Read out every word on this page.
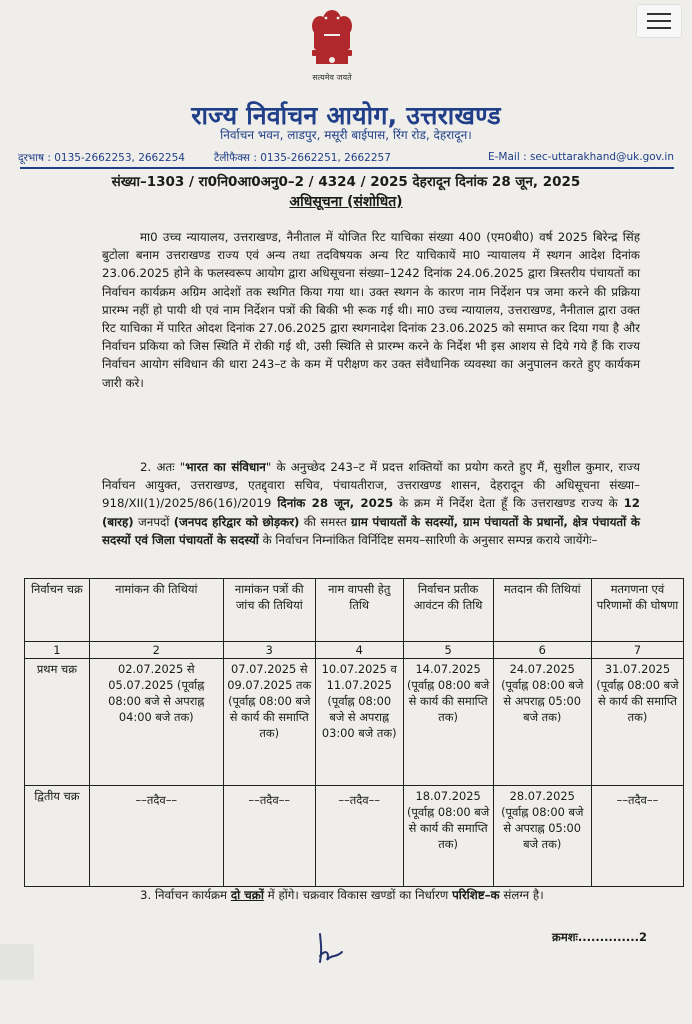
सत्यमेव जयते
राज्य निर्वाचन आयोग, उत्तराखण्ड
निर्वाचन भवन, लाडपुर, मसूरी बाईपास, रिंग रोड, देहरादून।
दूरभाष : 0135-2662253, 2662254	टैलीफैक्स : 0135-2662251, 2662257	E-Mail : sec-uttarakhand@uk.gov.in
संख्या–1303 / रा0नि0आ0अनु0–2 / 4324 / 2025 देहरादून दिनांक 28 जून, 2025
अधिसूचना (संशोधित)
मा0 उच्च न्यायालय, उत्तराखण्ड, नैनीताल में योजित रिट याचिका संख्या 400 (एम0बी0) वर्ष 2025 बिरेन्द्र सिंह बुटोला बनाम उत्तराखण्ड राज्य एवं अन्य तथा तदविषयक अन्य रिट याचिकायें मा0 न्यायालय में स्थगन आदेश दिनांक 23.06.2025 होने के फलस्वरूप आयोग द्वारा अधिसूचना संख्या–1242 दिनांक 24.06.2025 द्वारा त्रिस्तरीय पंचायतों का निर्वाचन कार्यक्रम अग्रिम आदेशों तक स्थगित किया गया था। उक्त स्थगन के कारण नाम निर्देशन पत्र जमा करने की प्रक्रिया प्रारम्भ नहीं हो पायी थी एवं नाम निर्देशन पत्रों की बिकी भी रूक गई थी। मा0 उच्च न्यायालय, उत्तराखण्ड, नैनीताल द्वारा उक्त रिट याचिका में पारित ओदश दिनांक 27.06.2025 द्वारा स्थगनादेश दिनांक 23.06.2025 को समाप्त कर दिया गया है और निर्वाचन प्रकिया को जिस स्थिति में रोकी गई थी, उसी स्थिति से प्रारम्भ करने के निर्देश भी इस आशय से दिये गये हैं कि राज्य निर्वाचन आयोग संविधान की धारा 243–ट के कम में परीक्षण कर उक्त संवैधानिक व्यवस्था का अनुपालन करते हुए कार्यकम जारी करे।
2. अतः "भारत का संविधान" के अनुच्छेद 243–ट में प्रदत्त शक्तियों का प्रयोग करते हुए मैं, सुशील कुमार, राज्य निर्वाचन आयुक्त, उत्तराखण्ड, एतद्द्वारा सचिव, पंचायतीराज, उत्तराखण्ड शासन, देहरादून की अधिसूचना संख्या–918/XII(1)/2025/86(16)/2019 दिनांक 28 जून, 2025 के क्रम में निर्देश देता हूँ कि उत्तराखण्ड राज्य के 12 (बारह) जनपदों (जनपद हरिद्वार को छोड़कर) की समस्त ग्राम पंचायतों के सदस्यों, ग्राम पंचायतों के प्रधानों, क्षेत्र पंचायतों के सदस्यों एवं जिला पंचायतों के सदस्यों के निर्वाचन निम्नांकित विर्निदिष्ट समय–सारिणी के अनुसार सम्पन्न कराये जायेंगेः–
निर्वाचन चक्र	नामांकन की तिथियां	नामांकन पत्रों की जांच की तिथियां	नाम वापसी हेतु तिथि	निर्वाचन प्रतीक आवंटन की तिथि	मतदान की तिथियां	मतगणना एवं परिणामों की घोषणा
1	2	3	4	5	6	7
प्रथम चक्र	02.07.2025 से 05.07.2025 (पूर्वाह्न 08:00 बजे से अपराह्न 04:00 बजे तक)	07.07.2025 से 09.07.2025 तक (पूर्वाह्न 08:00 बजे से कार्य की समाप्ति तक)	10.07.2025 व 11.07.2025 (पूर्वाह्न 08:00 बजे से अपराह्न 03:00 बजे तक)	14.07.2025 (पूर्वाह्न 08:00 बजे से कार्य की समाप्ति तक)	24.07.2025 (पूर्वाह्न 08:00 बजे से अपराह्न 05:00 बजे तक)	31.07.2025 (पूर्वाह्न 08:00 बजे से कार्य की समाप्ति तक)
द्वितीय चक्र	––तदैव––	––तदैव––	––तदैव––	18.07.2025 (पूर्वाह्न 08:00 बजे से कार्य की समाप्ति तक)	28.07.2025 (पूर्वाह्न 08:00 बजे से अपराह्न 05:00 बजे तक)	––तदैव––
3. निर्वाचन कार्यक्रम दो चक्रों में होंगे। चक्रवार विकास खण्डों का निर्धारण परिशिष्ट–क संलग्न है।
क्रमशः..............2
